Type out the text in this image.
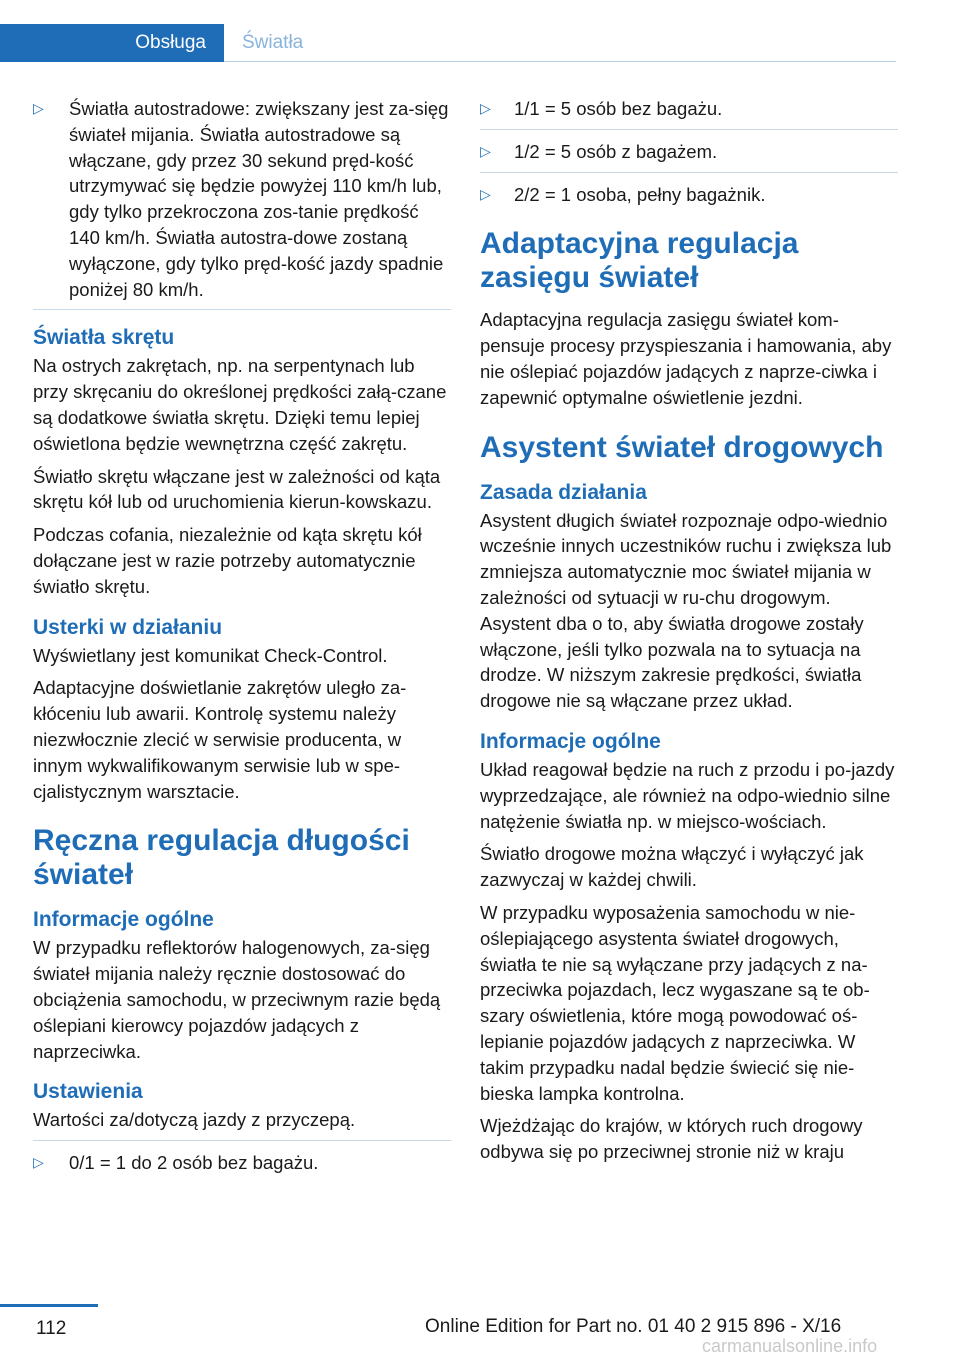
Obsługa	Światła
▷ Światła autostradowe: zwiększany jest za‐sięg świateł mijania. Światła autostradowe są włączane, gdy przez 30 sekund pręd‐kość utrzymywać się będzie powyżej 110 km/h lub, gdy tylko przekroczona zos‐tanie prędkość 140 km/h. Światła autostra‐dowe zostaną wyłączone, gdy tylko pręd‐kość jazdy spadnie poniżej 80 km/h.
Światła skrętu

Na ostrych zakrętach, np. na serpentynach lub przy skręcaniu do określonej prędkości załą‐czane są dodatkowe światła skrętu. Dzięki temu lepiej oświetlona będzie wewnętrzna część zakrętu.

Światło skrętu włączane jest w zależności od kąta skrętu kół lub od uruchomienia kierun‐kowskazu.

Podczas cofania, niezależnie od kąta skrętu kół dołączane jest w razie potrzeby automatycznie światło skrętu.

Usterki w działaniu

Wyświetlany jest komunikat Check-Control.

Adaptacyjne doświetlanie zakrętów uległo za‐kłóceniu lub awarii. Kontrolę systemu należy niezwłocznie zlecić w serwisie producenta, w innym wykwalifikowanym serwisie lub w spe‐cjalistycznym warsztacie.

Ręczna regulacja długości świateł
Informacje ogólne

W przypadku reflektorów halogenowych, za‐sięg świateł mijania należy ręcznie dostosować do obciążenia samochodu, w przeciwnym razie będą oślepiani kierowcy pojazdów jadących z naprzeciwka.

Ustawienia

Wartości za/dotyczą jazdy z przyczepą.

▷ 0/1 = 1 do 2 osób bez bagażu.
▷ 1/1 = 5 osób bez bagażu.
▷ 1/2 = 5 osób z bagażem.
▷ 2/2 = 1 osoba, pełny bagażnik.
Adaptacyjna regulacja zasięgu świateł

Adaptacyjna regulacja zasięgu świateł kom‐pensuje procesy przyspieszania i hamowania, aby nie oślepiać pojazdów jadących z naprze‐ciwka i zapewnić optymalne oświetlenie jezdni.

Asystent świateł drogowych
Zasada działania

Asystent długich świateł rozpoznaje odpo‐wiednio wcześnie innych uczestników ruchu i zwiększa lub zmniejsza automatycznie moc świateł mijania w zależności od sytuacji w ru‐chu drogowym. Asystent dba o to, aby światła drogowe zostały włączone, jeśli tylko pozwala na to sytuacja na drodze. W niższym zakresie prędkości, światła drogowe nie są włączane przez układ.

Informacje ogólne

Układ reagował będzie na ruch z przodu i po‐jazdy wyprzedzające, ale również na odpo‐wiednio silne natężenie światła np. w miejsco‐wościach.

Światło drogowe można włączyć i wyłączyć jak zazwyczaj w każdej chwili.

W przypadku wyposażenia samochodu w nie‐oślepiającego asystenta świateł drogowych, światła te nie są wyłączane przy jadących z na‐przeciwka pojazdach, lecz wygaszane są te ob‐szary oświetlenia, które mogą powodować oś‐lepianie pojazdów jadących z naprzeciwka. W takim przypadku nadal będzie świecić się nie‐bieska lampka kontrolna.

Wjeżdżając do krajów, w których ruch drogowy odbywa się po przeciwnej stronie niż w kraju

112	Online Edition for Part no. 01 40 2 915 896 - X/16
carmanualsonline.info
